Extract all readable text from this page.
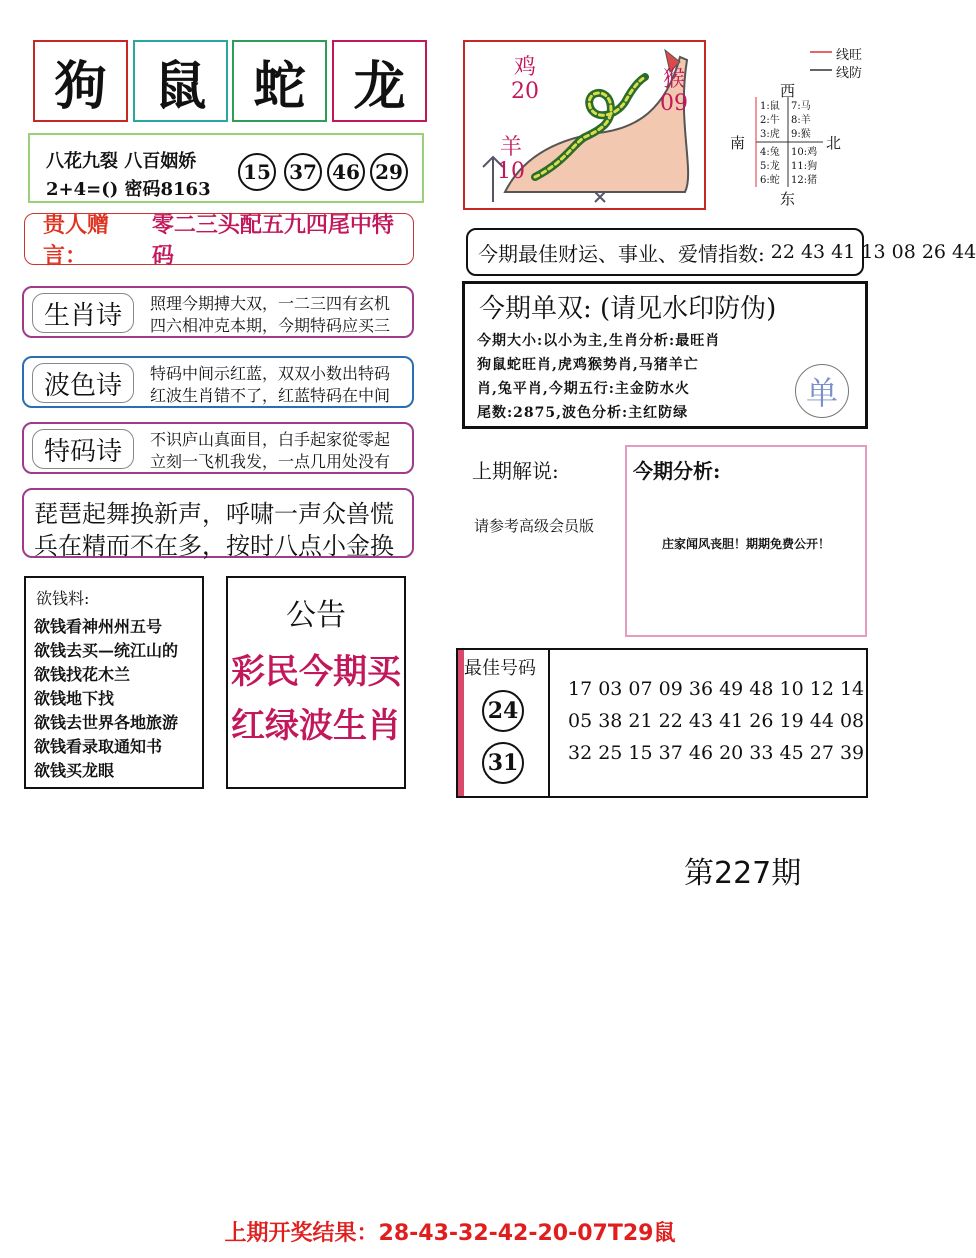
狗 鼠 蛇 龙
八花九裂 八百姻娇
2+4=() 密码8163
15 37 46 29
贵人赠言：
零二三头配五九四尾中特码
生肖诗	照理今期搏大双，一二三四有玄机
四六相冲克本期，今期特码应买三
波色诗	特码中间示红蓝，双双小数出特码
红波生肖错不了，红蓝特码在中间
特码诗	不识庐山真面目，白手起家從零起
立刻一飞机我发，一点几用处没有
琵琶起舞换新声，呼啸一声众兽慌
兵在精而不在多，按时八点小金换
欲钱料:
欲钱看神州州五号
欲钱去买—统江山的
欲钱找花木兰
欲钱地下找
欲钱去世界各地旅游
欲钱看录取通知书
欲钱买龙眼
公告
彩民今期买
红绿波生肖
鸡
20	猴
09
羊
10
线旺
线防
西
南	北
东
1:鼠
2:牛
3:虎
7:马
8:羊
9:猴
4:兔
5:龙
6:蛇
10:鸡
11:狗
12:猪
今期最佳财运、事业、爱情指数: 22 43 41 13 08 26 44
今期单双: (请见水印防伪)
今期大小:以小为主,生肖分析:最旺肖
狗鼠蛇旺肖,虎鸡猴势肖,马猪羊亡
肖,兔平肖,今期五行:主金防水火
尾数:2875,波色分析:主红防绿
单
上期解说:
请参考高级会员版
今期分析:
庄家闻风丧胆！期期免费公开！
最佳号码
24
31
17 03 07 09 36 49 48 10 12 14
05 38 21 22 43 41 26 19 44 08
32 25 15 37 46 20 33 45 27 39
第227期
上期开奖结果：28-43-32-42-20-07T29鼠
